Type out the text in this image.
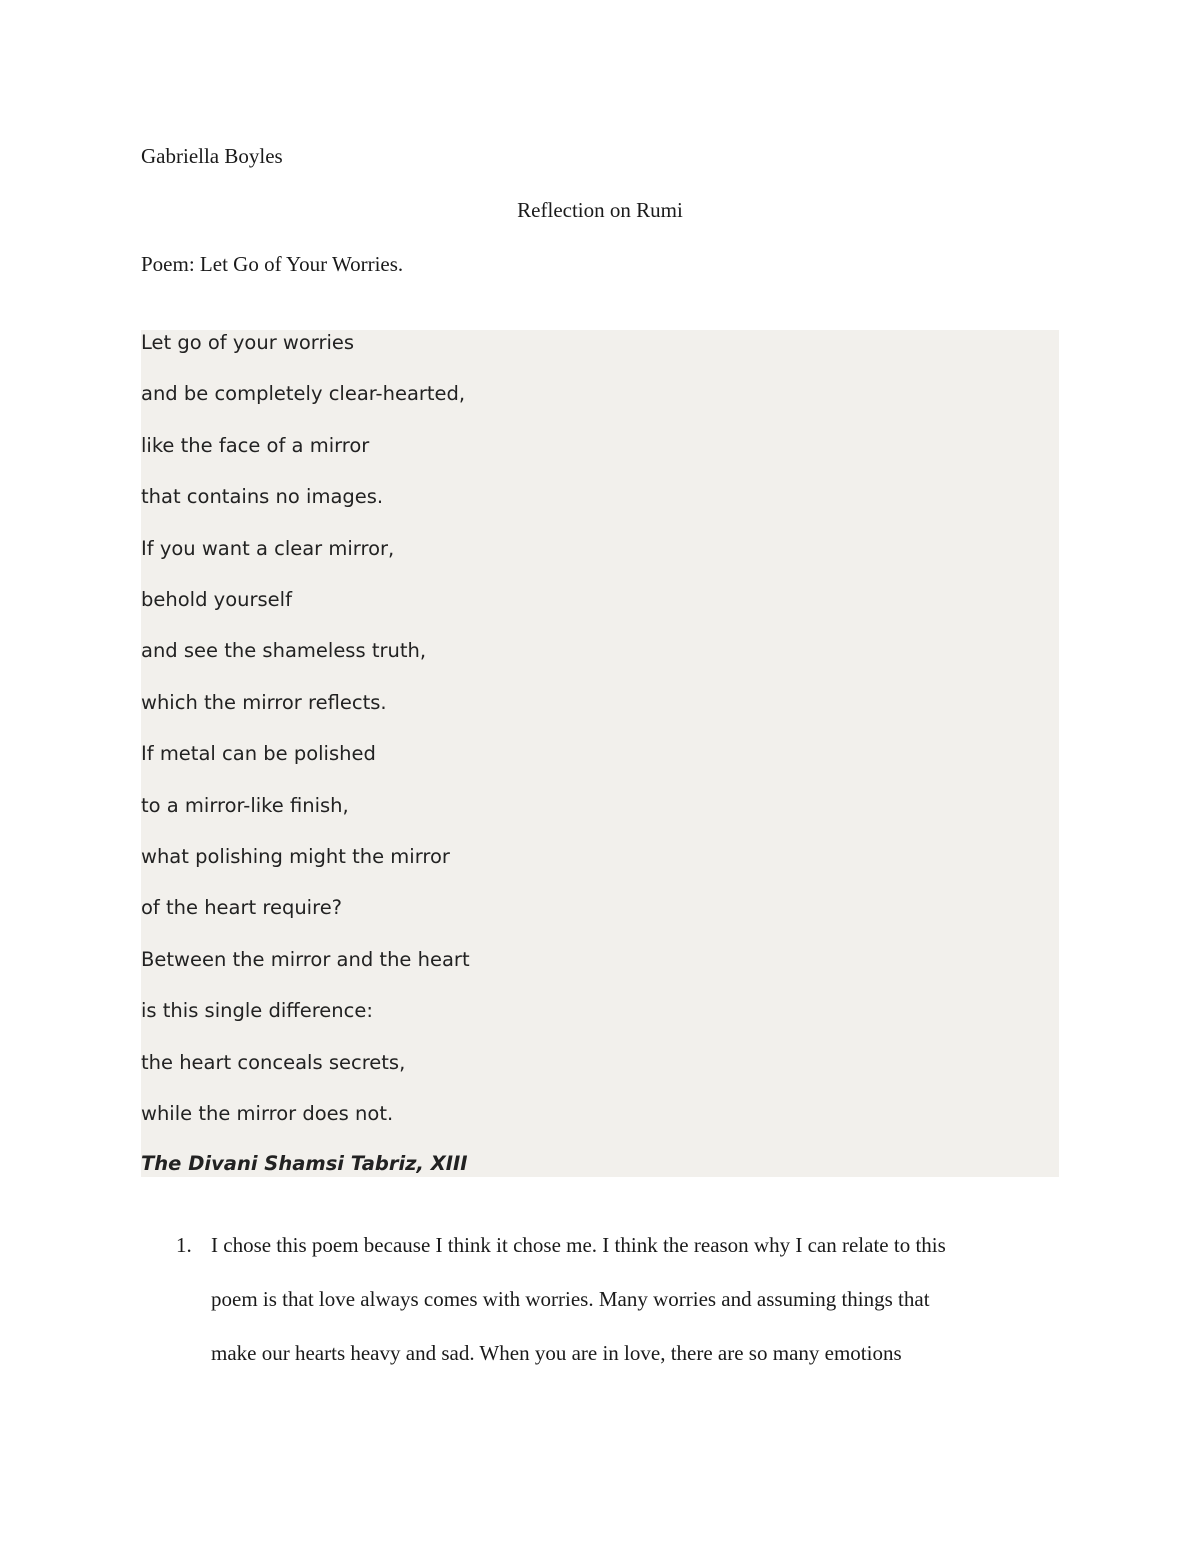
Gabriella Boyles
Reflection on Rumi
Poem: Let Go of Your Worries.
Let go of your worries
and be completely clear-hearted,
like the face of a mirror
that contains no images.
If you want a clear mirror,
behold yourself
and see the shameless truth,
which the mirror reflects.
If metal can be polished
to a mirror-like finish,
what polishing might the mirror
of the heart require?
Between the mirror and the heart
is this single difference:
the heart conceals secrets,
while the mirror does not.
The Divani Shamsi Tabriz, XIII
1. I chose this poem because I think it chose me. I think the reason why I can relate to this
poem is that love always comes with worries. Many worries and assuming things that
make our hearts heavy and sad. When you are in love, there are so many emotions
